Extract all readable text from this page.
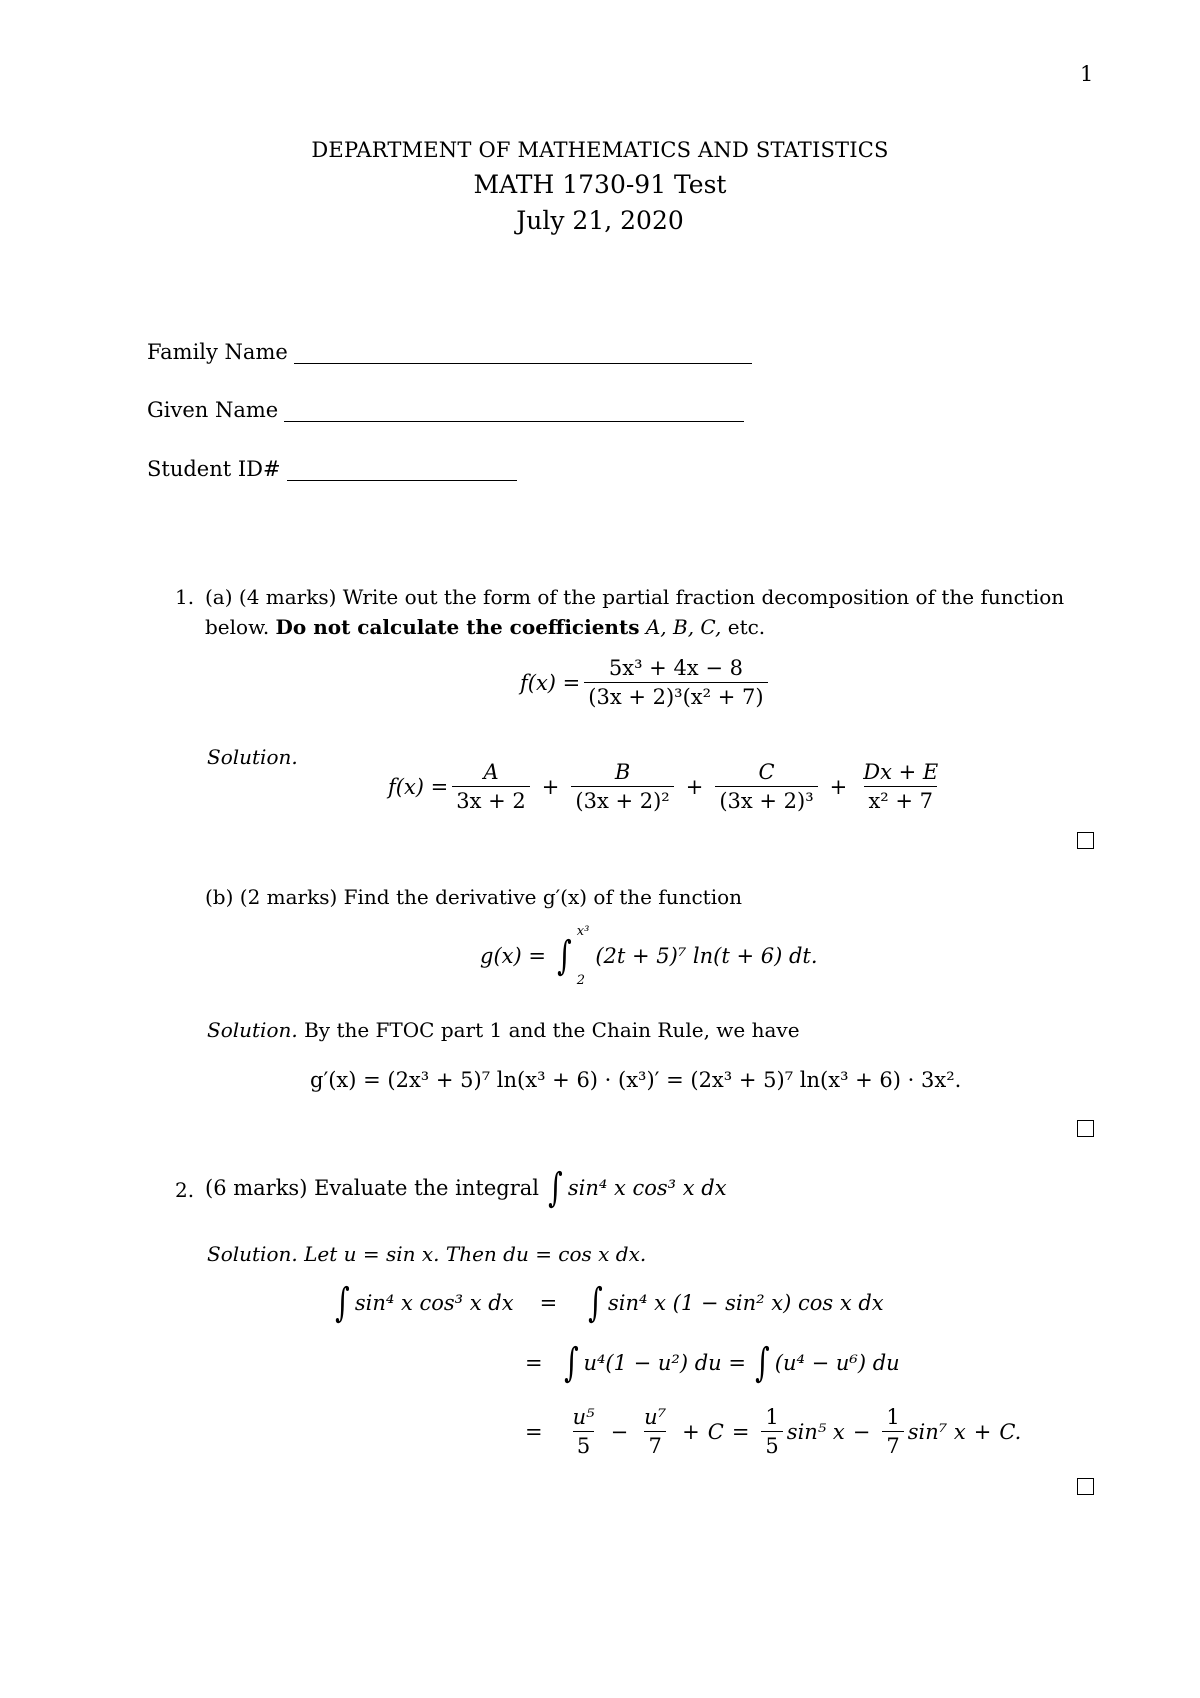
1
DEPARTMENT OF MATHEMATICS AND STATISTICS
MATH 1730-91 Test
July 21, 2020
Family Name
Given Name
Student ID#
1. (a) (4 marks) Write out the form of the partial fraction decomposition of the function
below. Do not calculate the coefficients A, B, C, etc.
$f(x) = \frac{\text{5x³ + 4x − 8}}{\text{(3x + 2)³(x² + 7)}}$
Solution.
$f(x) = \frac{A}{3x + 2} + \frac{B}{\text{(3x + 2)²}} + \frac{C}{\text{(3x + 2)³}} + \frac{Dx + E}{\text{x² + 7}}$
(b) (2 marks) Find the derivative g′(x) of the function
g(x) = ∫
x³
2
(2t + 5)⁷ ln(t + 6) dt.
Solution. By the FTOC part 1 and the Chain Rule, we have
g′(x) = (2x³ + 5)⁷ ln(x³ + 6) · (x³)′ = (2x³ + 5)⁷ ln(x³ + 6) · 3x².
2. (6 marks) Evaluate the integral ∫ sin⁴ x cos³ x dx
Solution. Let u = sin x. Then du = cos x dx.
∫ sin⁴ x cos³ x dx = ∫ sin⁴ x (1 − sin² x) cos x dx
= ∫ u⁴(1 − u²) du = ∫ (u⁴ − u⁶) du
= $\frac{\text{u⁵}}{5} - \frac{\text{u⁷}}{7} + C = \frac{1}{5} \sin^5$ $x - \frac{1}{7} \sin^7$ x + C.
